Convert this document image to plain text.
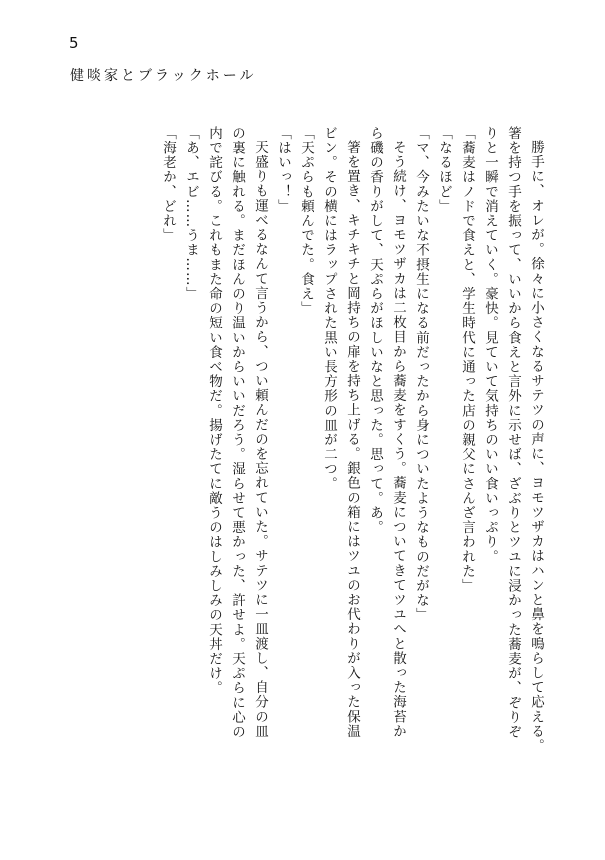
5
健啖家とブラックホール

勝手に、オレが。徐々に小さくなるサテツの声に、ヨモツザカはハンと鼻を鳴らして応える。

箸を持つ手を振って、いいから食えと言外に示せば、ざぶりとツユに浸かった蕎麦が、ぞりぞ

りと一瞬で消えていく。豪快。見ていて気持ちのいい食いっぷり。

「蕎麦はノドで食えと、学生時代に通った店の親父にさんざ言われた」

「なるほど」

「マ、今みたいな不摂生になる前だったから身についたようなものだがな」

そう続け、ヨモツザカは二枚目から蕎麦をすくう。蕎麦についてきてツユへと散った海苔か

ら磯の香りがして、天ぷらがほしいなと思った。思って。あ。

箸を置き、キチキチと岡持ちの扉を持ち上げる。銀色の箱にはツユのお代わりが入った保温

ビン。その横にはラップされた黒い長方形の皿が二つ。

「天ぷらも頼んでた。食え」

「はいっ！」

天盛りも運べるなんて言うから、つい頼んだのを忘れていた。サテツに一皿渡し、自分の皿

の裏に触れる。まだほんのり温いからいいだろう。湿らせて悪かった、許せよ。天ぷらに心の

内で詫びる。これもまた命の短い食べ物だ。揚げたてに敵うのはしみしみの天丼だけ。

「あ、エビ……うま……」

「海老か、どれ」
